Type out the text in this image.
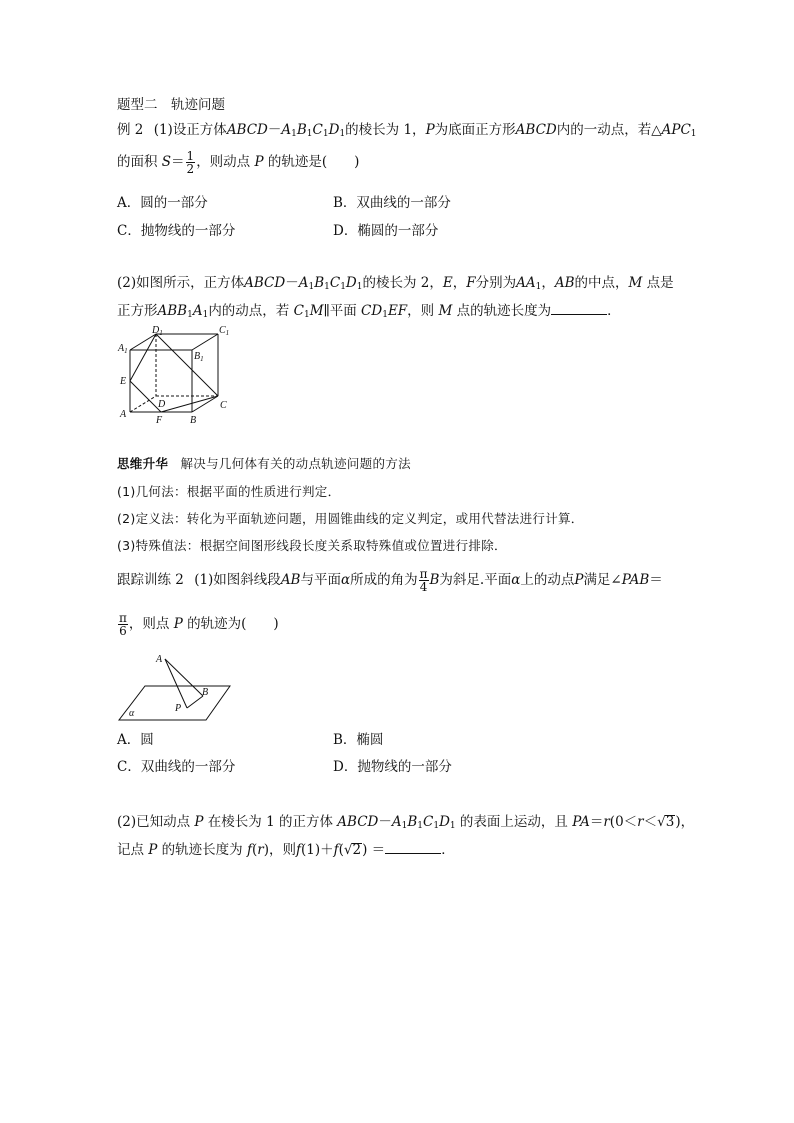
题型二　轨迹问题
例 2 (1)设正方体$ABCD-A_1B_1C_1D_1$的棱长为 1，P为底面正方形ABCD内的一动点，若$\triangle APC_1$
的面积 $S= \frac{1}{2}$ ，则动点 P 的轨迹是(　　)
A．圆的一部分	B．双曲线的一部分
C．抛物线的一部分	D．椭圆的一部分
(2)如图所示，正方体$ABCD-A_1B_1C_1D_1$的棱长为 2，E，F分别为$AA_1$，AB的中点，M 点是
正方形$ABB_1A_1$内的动点，若 $C_1M\parallel$平面 $CD_1EF$，则 M 点的轨迹长度为	．
$D_1$	$C_1$
$A_1$	$B_1$
E
D	C
A
F	B
思维升华 解决与几何体有关的动点轨迹问题的方法
(1)几何法：根据平面的性质进行判定．
(2)定义法：转化为平面轨迹问题，用圆锥曲线的定义判定，或用代替法进行计算．
(3)特殊值法：根据空间图形线段长度关系取特殊值或位置进行排除．
跟踪训练 2 (1)如图斜线段AB与平面α所成的角为 $\frac{\pi}{4}$ B为斜足.平面α上的动点P满足∠PAB＝
$\frac{\pi}{6}$ ，则点 P 的轨迹为(　　)
A
B
α	P
A．圆	B．椭圆
C．双曲线的一部分	D．抛物线的一部分
(2)已知动点 P 在棱长为 1 的正方体 $ABCD-A_1B_1C_1D_1$ 的表面上运动，且 PA＝r(0＜r＜√3)，
记点 P 的轨迹长度为 f(r)，则f(1)＋f(√2) ＝	．
